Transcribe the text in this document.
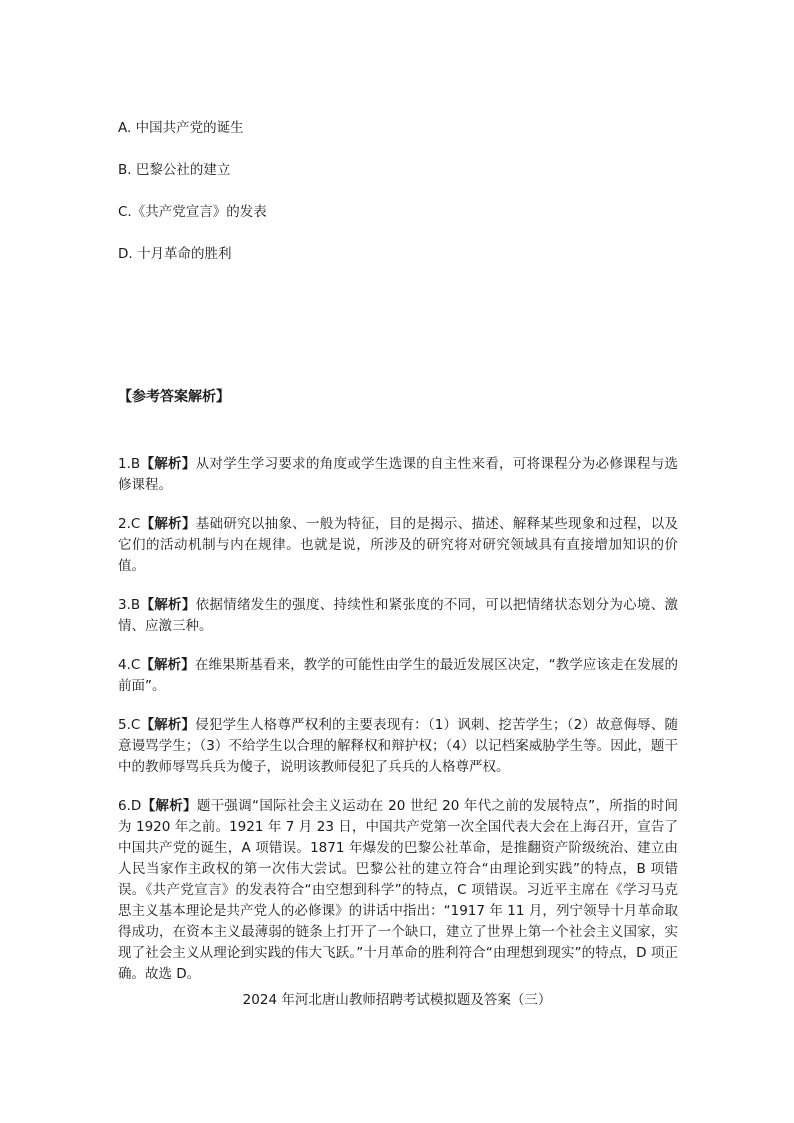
A. 中国共产党的诞生
B. 巴黎公社的建立
C.《共产党宣言》的发表
D. 十月革命的胜利
【参考答案解析】

1.B【解析】从对学生学习要求的角度或学生选课的自主性来看，可将课程分为必修课程与选修课程。

2.C【解析】基础研究以抽象、一般为特征，目的是揭示、描述、解释某些现象和过程，以及它们的活动机制与内在规律。也就是说，所涉及的研究将对研究领域具有直接增加知识的价值。

3.B【解析】依据情绪发生的强度、持续性和紧张度的不同，可以把情绪状态划分为心境、激情、应激三种。

4.C【解析】在维果斯基看来，教学的可能性由学生的最近发展区决定，“教学应该走在发展的前面”。

5.C【解析】侵犯学生人格尊严权利的主要表现有：（1）讽刺、挖苦学生；（2）故意侮辱、随意谩骂学生；（3）不给学生以合理的解释权和辩护权；（4）以记档案威胁学生等。因此，题干中的教师辱骂兵兵为傻子，说明该教师侵犯了兵兵的人格尊严权。

6.D【解析】题干强调“国际社会主义运动在 20 世纪 20 年代之前的发展特点”，所指的时间为 1920 年之前。1921 年 7 月 23 日，中国共产党第一次全国代表大会在上海召开，宣告了中国共产党的诞生，A 项错误。1871 年爆发的巴黎公社革命，是推翻资产阶级统治、建立由人民当家作主政权的第一次伟大尝试。巴黎公社的建立符合“由理论到实践”的特点，B 项错误。《共产党宣言》的发表符合“由空想到科学”的特点，C 项错误。习近平主席在《学习马克思主义基本理论是共产党人的必修课》的讲话中指出：“1917 年 11 月，列宁领导十月革命取得成功，在资本主义最薄弱的链条上打开了一个缺口，建立了世界上第一个社会主义国家，实现了社会主义从理论到实践的伟大飞跃。”十月革命的胜利符合“由理想到现实”的特点，D 项正确。故选 D。

2024 年河北唐山教师招聘考试模拟题及答案（三）
